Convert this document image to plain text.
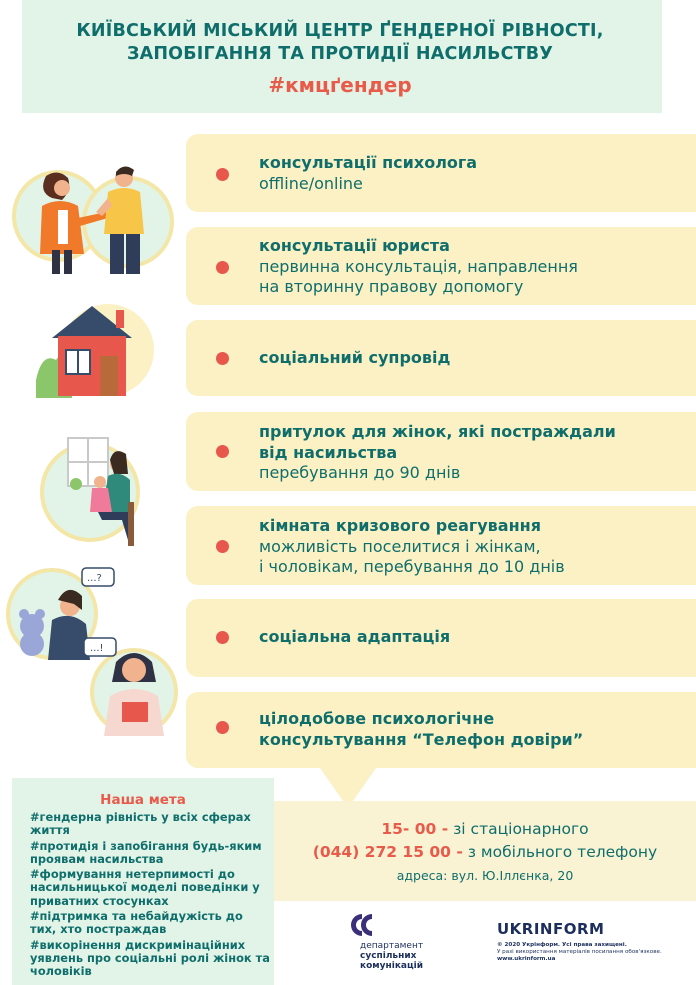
КИЇВСЬКИЙ МІСЬКИЙ ЦЕНТР ҐЕНДЕРНОЇ РІВНОСТІ,
ЗАПОБІГАННЯ ТА ПРОТИДІЇ НАСИЛЬСТВУ
#кмцґендер
консультації психолога
offline/online
консультації юриста
первинна консультація, направлення
на вторинну правову допомогу
соціальний супровід
притулок для жінок, які постраждали
від насильства
перебування до 90 днів
кімната кризового реагування
можливість поселитися і жінкам,
і чоловікам, перебування до 10 днів
соціальна адаптація
цілодобове психологічне
консультування “Телефон довіри”
...?
...!
Наша мета
#гендерна рівність у всіх сферах життя
#протидія і запобігання будь-яким проявам насильства
#формування нетерпимості до насильницької моделі поведінки у приватних стосунках
#підтримка та небайдужість до тих, хто постраждав
#викорінення дискримінаційних уявлень про соціальні ролі жінок та чоловіків
15- 00 - зі стаціонарного
(044) 272 15 00 - з мобільного телефону
адреса: вул. Ю.Іллєнка, 20
департамент
суспільних
комунікацій
UKRINFORM
© 2020 Укрінформ. Усі права захищені.
У разі використання матеріалів посилання обов'язкове.
www.ukrinform.ua
